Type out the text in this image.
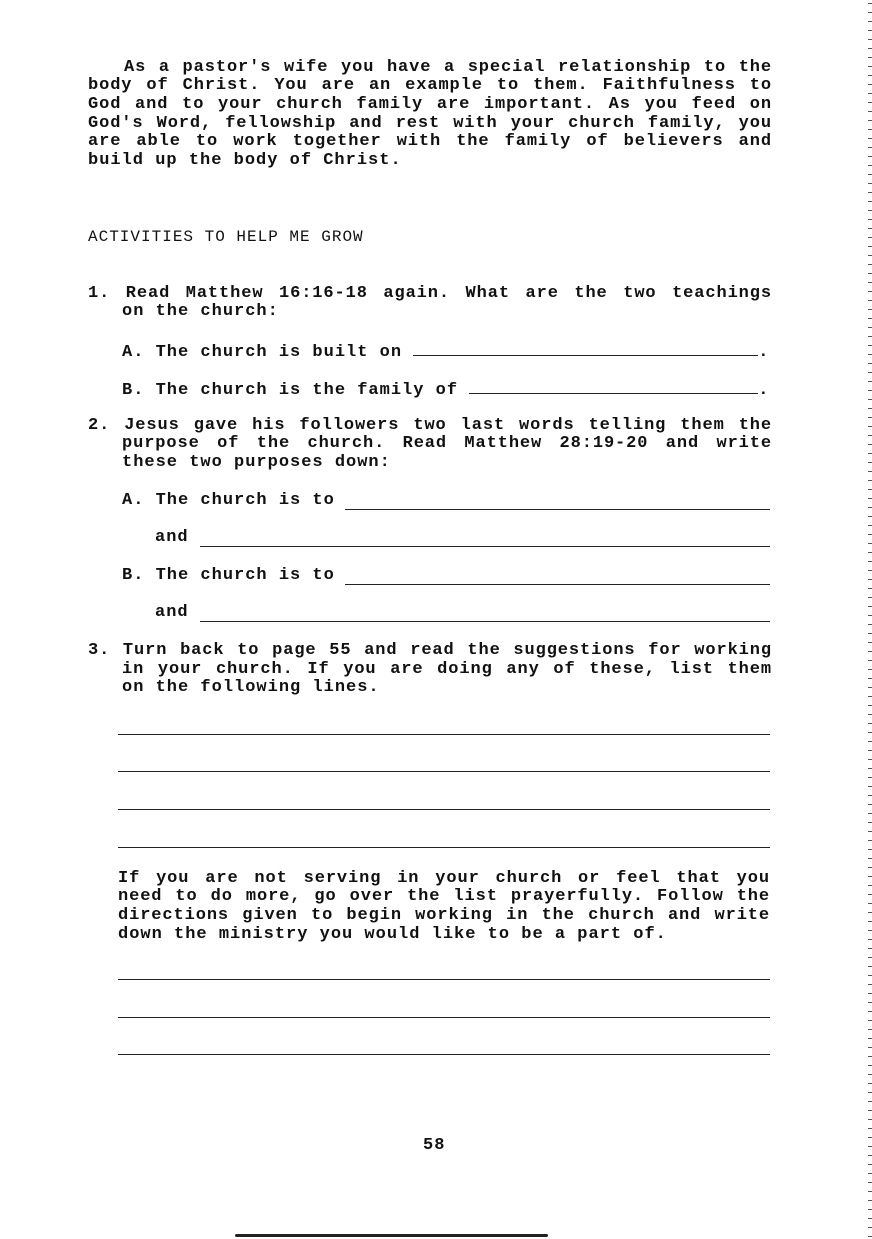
As a pastor's wife you have a special relationship to the
body of Christ. You are an example to them. Faithfulness to
God and to your church family are important. As you feed on
God's Word, fellowship and rest with your church family, you
are able to work together with the family of believers and
build up the body of Christ.
ACTIVITIES TO HELP ME GROW
1. Read Matthew 16:16-18 again. What are the two teachings
on the church:
A. The church is built on	.
B. The church is the family of	.
2. Jesus gave his followers two last words telling them the
purpose of the church. Read Matthew 28:19-20 and write
these two purposes down:
A. The church is to
and
B. The church is to
and
3. Turn back to page 55 and read the suggestions for working
in your church. If you are doing any of these, list them
on the following lines.
If you are not serving in your church or feel that you
need to do more, go over the list prayerfully. Follow the
directions given to begin working in the church and write
down the ministry you would like to be a part of.
58
